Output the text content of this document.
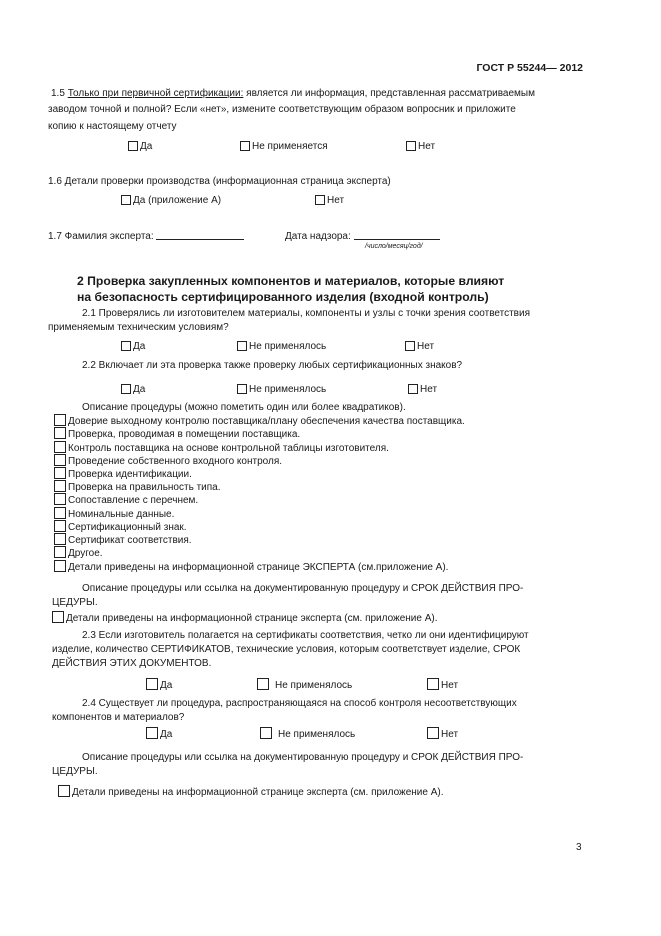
ГОСТ Р 55244— 2012
1.5 Только при первичной сертификации: является ли информация, представленная рассматриваемым
заводом точной и полной? Если «нет», измените соответствующим образом вопросник и приложите
копию к настоящему отчету
Да	Не применяется	Нет
1.6 Детали проверки производства (информационная страница эксперта)
Да (приложение А)	Нет
1.7 Фамилия эксперта:	Дата надзора:
/число/месяц/год/
2 Проверка закупленных компонентов и материалов, которые влияют
на безопасность сертифицированного изделия (входной контроль)
2.1 Проверялись ли изготовителем материалы, компоненты и узлы с точки зрения соответствия
применяемым техническим условиям?
Да	Не применялось	Нет
2.2 Включает ли эта проверка также проверку любых сертификационных знаков?
Да	Не применялось	Нет
Описание процедуры (можно пометить один или более квадратиков).
Доверие выходному контролю поставщика/плану обеспечения качества поставщика.
Проверка, проводимая в помещении поставщика.
Контроль поставщика на основе контрольной таблицы изготовителя.
Проведение собственного входного контроля.
Проверка идентификации.
Проверка на правильность типа.
Сопоставление с перечнем.
Номинальные данные.
Сертификационный знак.
Сертификат соответствия.
Другое.
Детали приведены на информационной странице ЭКСПЕРТА (см.приложение А).
Описание процедуры или ссылка на документированную процедуру и СРОК ДЕЙСТВИЯ ПРО-
ЦЕДУРЫ.
Детали приведены на информационной странице эксперта (см. приложение А).
2.3 Если изготовитель полагается на сертификаты соответствия, четко ли они идентифицируют
изделие, количество СЕРТИФИКАТОВ, технические условия, которым соответствует изделие, СРОК
ДЕЙСТВИЯ ЭТИХ ДОКУМЕНТОВ.
Да	Не применялось	Нет
2.4 Существует ли процедура, распространяющаяся на способ контроля несоответствующих
компонентов и материалов?
Да	Не применялось	Нет
Описание процедуры или ссылка на документированную процедуру и СРОК ДЕЙСТВИЯ ПРО-
ЦЕДУРЫ.
Детали приведены на информационной странице эксперта (см. приложение А).
3
